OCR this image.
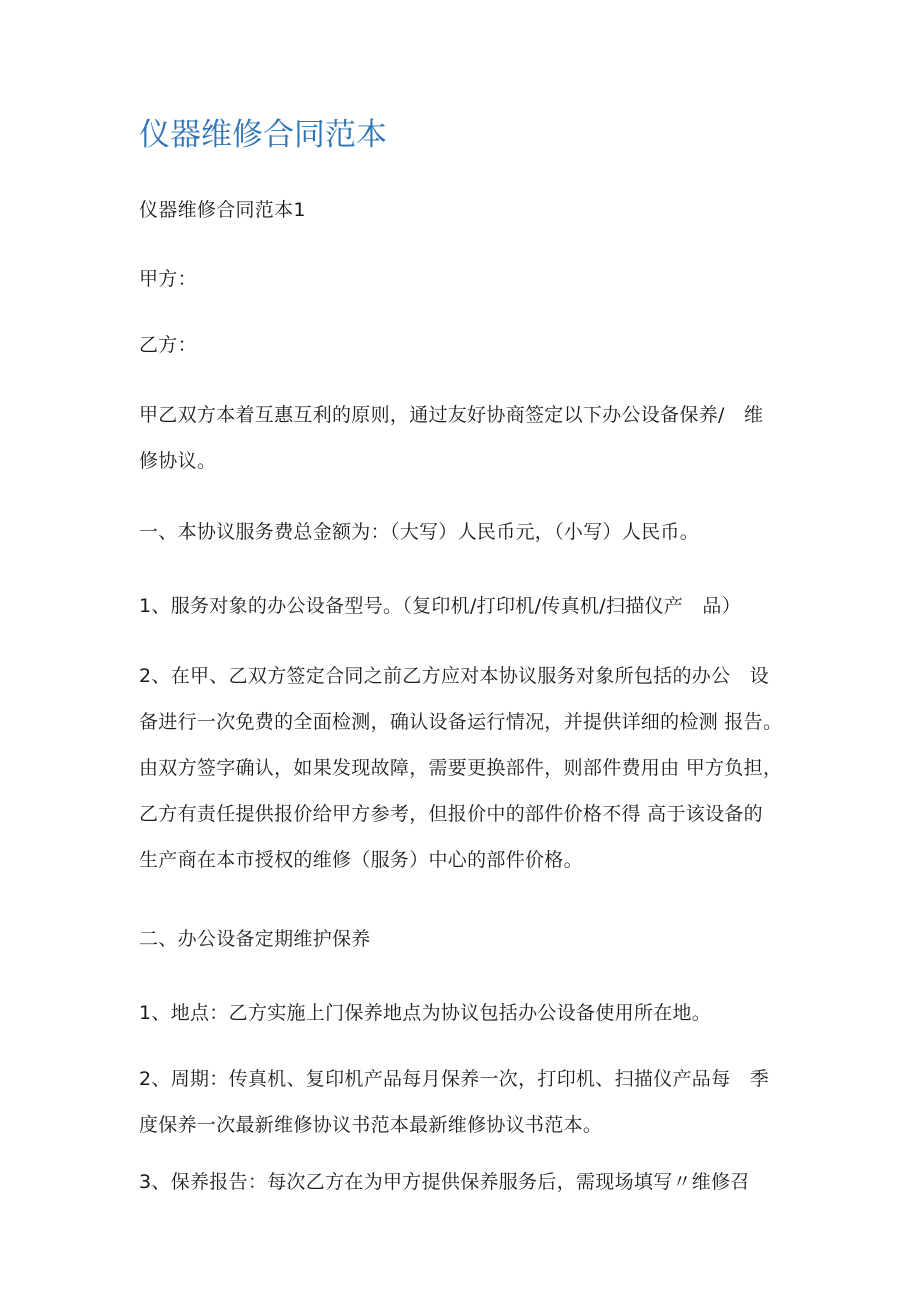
仪器维修合同范本

仪器维修合同范本1

甲方：

乙方：

甲乙双方本着互惠互利的原则，通过友好协商签定以下办公设备保养/　维
修协议。

一、本协议服务费总金额为：（大写）人民币元，（小写）人民币。

1、服务对象的办公设备型号。（复印机/打印机/传真机/扫描仪产　品）

2、在甲、乙双方签定合同之前乙方应对本协议服务对象所包括的办公　设
备进行一次免费的全面检测，确认设备运行情况，并提供详细的检测 报告。
由双方签字确认，如果发现故障，需要更换部件，则部件费用由 甲方负担，
乙方有责任提供报价给甲方参考，但报价中的部件价格不得 高于该设备的
生产商在本市授权的维修（服务）中心的部件价格。

二、办公设备定期维护保养

1、地点：乙方实施上门保养地点为协议包括办公设备使用所在地。

2、周期：传真机、复印机产品每月保养一次，打印机、扫描仪产品每　季
度保养一次最新维修协议书范本最新维修协议书范本。

3、保养报告：每次乙方在为甲方提供保养服务后，需现场填写〃维修召
